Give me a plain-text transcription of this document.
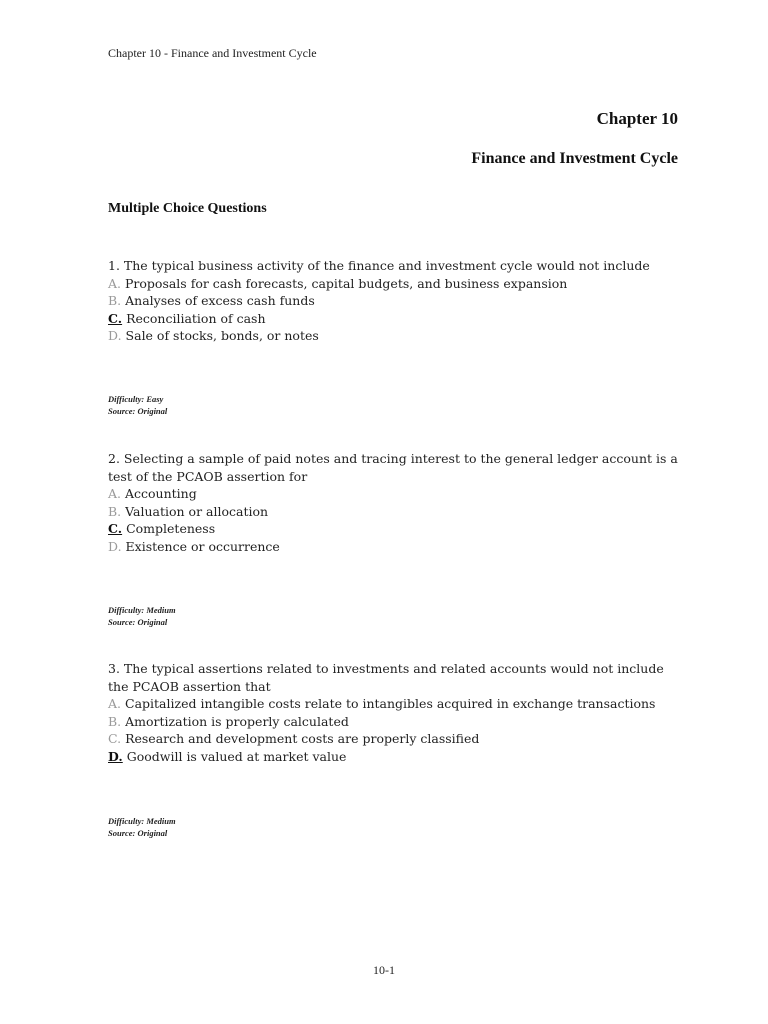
Chapter 10 - Finance and Investment Cycle
Chapter 10
Finance and Investment Cycle
Multiple Choice Questions

1. The typical business activity of the finance and investment cycle would not include

A. Proposals for cash forecasts, capital budgets, and business expansion
B. Analyses of excess cash funds
C. Reconciliation of cash
D. Sale of stocks, bonds, or notes
Difficulty: Easy
Source: Original

2. Selecting a sample of paid notes and tracing interest to the general ledger account is a test of the PCAOB assertion for

A. Accounting
B. Valuation or allocation
C. Completeness
D. Existence or occurrence
Difficulty: Medium
Source: Original

3. The typical assertions related to investments and related accounts would not include the PCAOB assertion that

A. Capitalized intangible costs relate to intangibles acquired in exchange transactions
B. Amortization is properly calculated
C. Research and development costs are properly classified
D. Goodwill is valued at market value
Difficulty: Medium
Source: Original
10-1
